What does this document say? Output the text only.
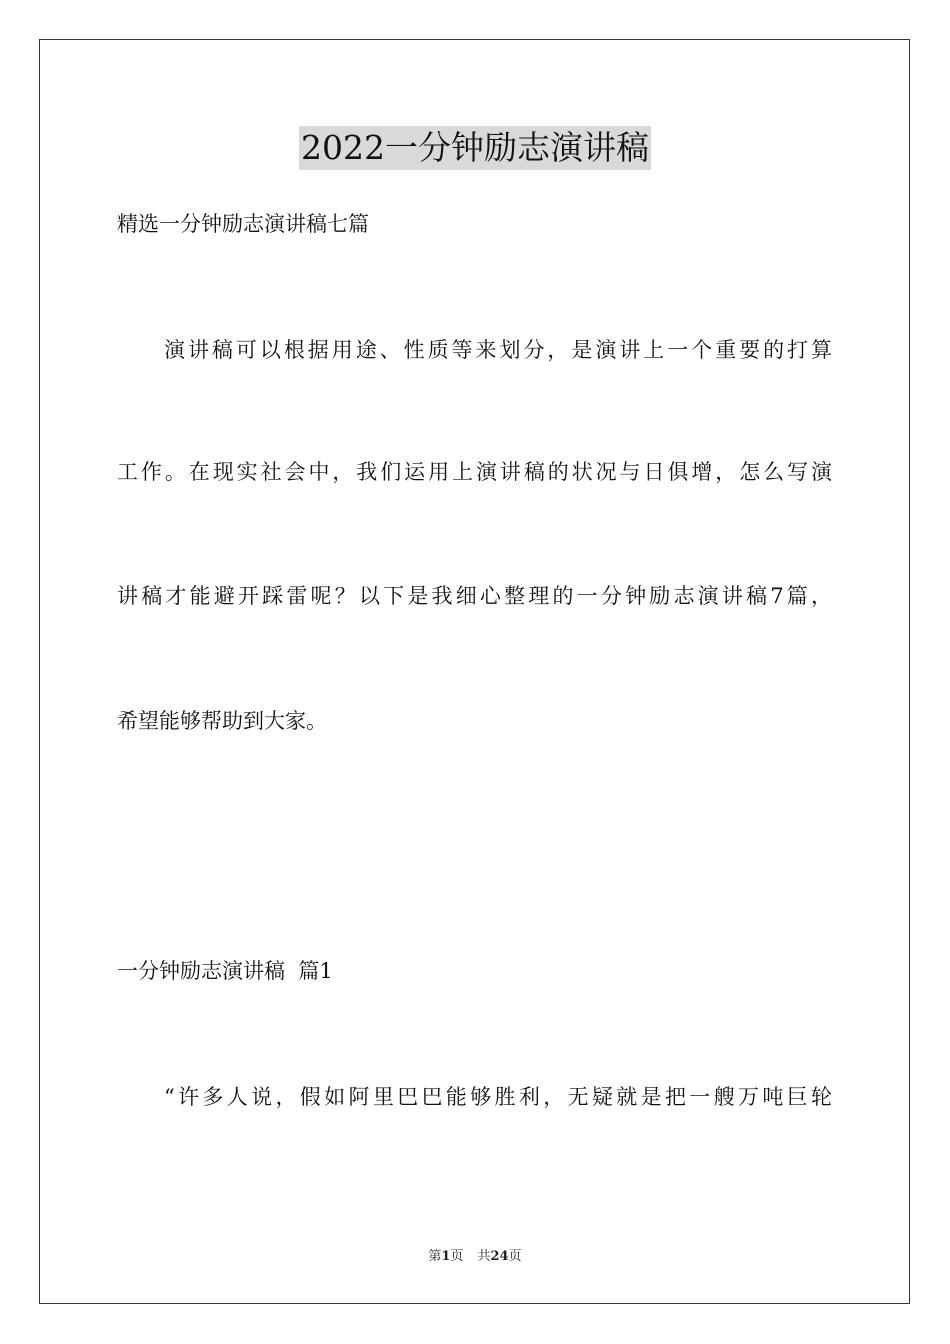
2022一分钟励志演讲稿
精选一分钟励志演讲稿七篇
演讲稿可以根据用途、性质等来划分，是演讲上一个重要的打算
工作。在现实社会中，我们运用上演讲稿的状况与日俱增，怎么写演
讲稿才能避开踩雷呢？以下是我细心整理的一分钟励志演讲稿7篇，
希望能够帮助到大家。
一分钟励志演讲稿  篇1
“许多人说，假如阿里巴巴能够胜利，无疑就是把一艘万吨巨轮
第1页 共24页
